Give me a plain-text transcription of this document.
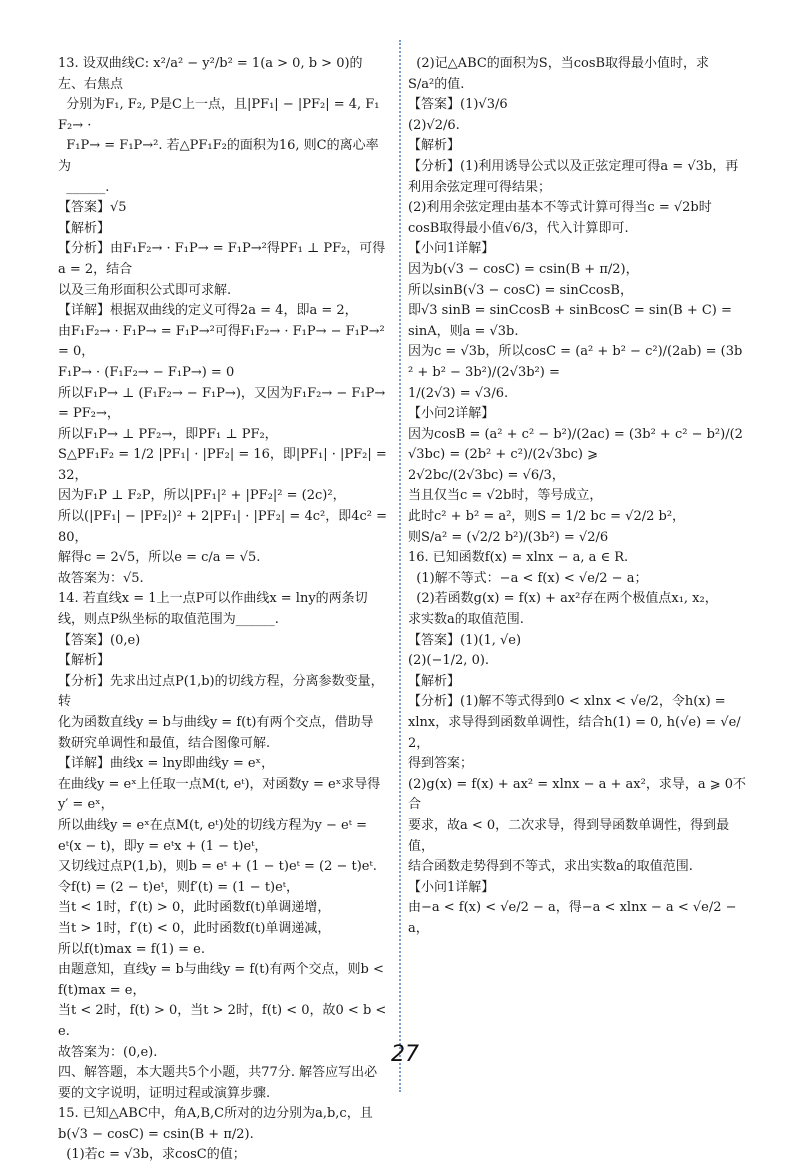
13. 设双曲线C: x²/a² − y²/b² = 1(a > 0, b > 0)的左、右焦点

分别为F₁, F₂, P是C上一点，且|PF₁| − |PF₂| = 4, F₁F₂→ ·

F₁P→ = F₁P→². 若△PF₁F₂的面积为16, 则C的离心率为

______.

【答案】√5

【解析】

【分析】由F₁F₂→ · F₁P→ = F₁P→²得PF₁ ⊥ PF₂，可得a = 2，结合

以及三角形面积公式即可求解.

【详解】根据双曲线的定义可得2a = 4，即a = 2，

由F₁F₂→ · F₁P→ = F₁P→²可得F₁F₂→ · F₁P→ − F₁P→² = 0，

F₁P→ · (F₁F₂→ − F₁P→) = 0

所以F₁P→ ⊥ (F₁F₂→ − F₁P→)，又因为F₁F₂→ − F₁P→ = PF₂→，

所以F₁P→ ⊥ PF₂→，即PF₁ ⊥ PF₂，

S△PF₁F₂ = 1/2 |PF₁| · |PF₂| = 16，即|PF₁| · |PF₂| = 32，

因为F₁P ⊥ F₂P，所以|PF₁|² + |PF₂|² = (2c)²，

所以(|PF₁| − |PF₂|)² + 2|PF₁| · |PF₂| = 4c²，即4c² = 80，

解得c = 2√5，所以e = c/a = √5.

故答案为：√5.

14. 若直线x = 1上一点P可以作曲线x = lny的两条切

线，则点P纵坐标的取值范围为______.

【答案】(0,e)

【解析】

【分析】先求出过点P(1,b)的切线方程，分离参数变量，转

化为函数直线y = b与曲线y = f(t)有两个交点，借助导

数研究单调性和最值，结合图像可解.

【详解】曲线x = lny即曲线y = eˣ，

在曲线y = eˣ上任取一点M(t, eᵗ)，对函数y = eˣ求导得

y′ = eˣ，

所以曲线y = eˣ在点M(t, eᵗ)处的切线方程为y − eᵗ =

eᵗ(x − t)，即y = eᵗx + (1 − t)eᵗ，

又切线过点P(1,b)，则b = eᵗ + (1 − t)eᵗ = (2 − t)eᵗ.

令f(t) = (2 − t)eᵗ，则f′(t) = (1 − t)eᵗ，

当t < 1时，f′(t) > 0，此时函数f(t)单调递增，

当t > 1时，f′(t) < 0，此时函数f(t)单调递减，

所以f(t)max = f(1) = e.

由题意知，直线y = b与曲线y = f(t)有两个交点，则b <

f(t)max = e，

当t < 2时，f(t) > 0，当t > 2时，f(t) < 0，故0 < b < e.

故答案为：(0,e).

四、解答题，本大题共5个小题，共77分. 解答应写出必

要的文字说明，证明过程或演算步骤.

15. 已知△ABC中，角A,B,C所对的边分别为a,b,c，且

b(√3 − cosC) = csin(B + π/2).

(1)若c = √3b，求cosC的值；

(2)记△ABC的面积为S，当cosB取得最小值时，求

S/a²的值.

【答案】(1)√3/6

(2)√2/6.

【解析】

【分析】(1)利用诱导公式以及正弦定理可得a = √3b，再

利用余弦定理可得结果；

(2)利用余弦定理由基本不等式计算可得当c = √2b时

cosB取得最小值√6/3，代入计算即可.

【小问1详解】

因为b(√3 − cosC) = csin(B + π/2)，

所以sinB(√3 − cosC) = sinCcosB，

即√3 sinB = sinCcosB + sinBcosC = sin(B + C) =

sinA，则a = √3b.

因为c = √3b，所以cosC = (a² + b² − c²)/(2ab) = (3b² + b² − 3b²)/(2√3b²) =

1/(2√3) = √3/6.

【小问2详解】

因为cosB = (a² + c² − b²)/(2ac) = (3b² + c² − b²)/(2√3bc) = (2b² + c²)/(2√3bc) ⩾

2√2bc/(2√3bc) = √6/3，

当且仅当c = √2b时，等号成立，

此时c² + b² = a²，则S = 1/2 bc = √2/2 b²，

则S/a² = (√2/2 b²)/(3b²) = √2/6

16. 已知函数f(x) = xlnx − a, a ∈ R.

(1)解不等式：−a < f(x) < √e/2 − a；

(2)若函数g(x) = f(x) + ax²存在两个极值点x₁, x₂，

求实数a的取值范围.

【答案】(1)(1, √e)

(2)(−1/2, 0).

【解析】

【分析】(1)解不等式得到0 < xlnx < √e/2，令h(x) =

xlnx，求导得到函数单调性，结合h(1) = 0, h(√e) = √e/2，

得到答案；

(2)g(x) = f(x) + ax² = xlnx − a + ax²，求导，a ⩾ 0不合

要求，故a < 0，二次求导，得到导函数单调性，得到最值，

结合函数走势得到不等式，求出实数a的取值范围.

【小问1详解】

由−a < f(x) < √e/2 − a，得−a < xlnx − a < √e/2 − a，

27
